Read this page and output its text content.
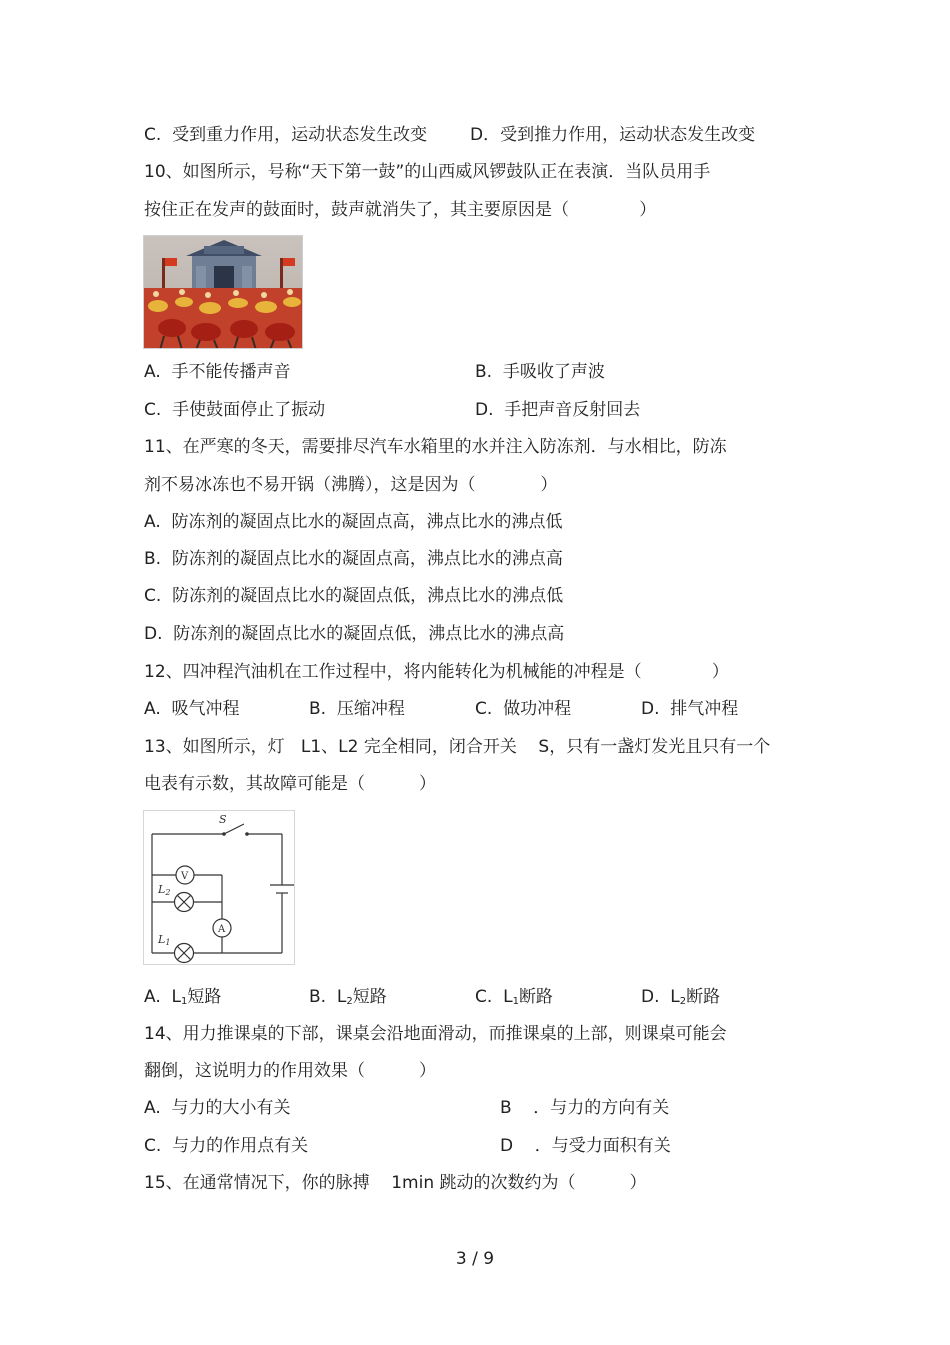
C.  受到重力作用，运动状态发生改变	D．受到推力作用，运动状态发生改变
10、如图所示，号称“天下第一鼓”的山西威风锣鼓队正在表演．当队员用手
按住正在发声的鼓面时，鼓声就消失了，其主要原因是（             ）
A.  手不能传播声音	B.  手吸收了声波
C.  手使鼓面停止了振动	D.  手把声音反射回去
11、在严寒的冬天，需要排尽汽车水箱里的水并注入防冻剂．与水相比，防冻
剂不易冰冻也不易开锅（沸腾），这是因为（            ）
A.  防冻剂的凝固点比水的凝固点高，沸点比水的沸点低
B.  防冻剂的凝固点比水的凝固点高，沸点比水的沸点高
C.  防冻剂的凝固点比水的凝固点低，沸点比水的沸点低
D.  防冻剂的凝固点比水的凝固点低，沸点比水的沸点高
12、四冲程汽油机在工作过程中，将内能转化为机械能的冲程是（             ）
A.  吸气冲程	B.  压缩冲程	C.  做功冲程	D.  排气冲程
13、如图所示，灯   L1、L2 完全相同，闭合开关    S，只有一盏灯发光且只有一个
电表有示数，其故障可能是（          ）
S
V
A
L2
L1
A.  $L_1$短路	B.  $L_2$短路	C.  $L_1$断路	D.  $L_2$断路
14、用力推课桌的下部，课桌会沿地面滑动，而推课桌的上部，则课桌可能会
翻倒，这说明力的作用效果（          ）
A.  与力的大小有关	B    ．与力的方向有关
C.  与力的作用点有关	D    ．与受力面积有关
15、在通常情况下，你的脉搏    1min 跳动的次数约为（          ）
3 / 9
